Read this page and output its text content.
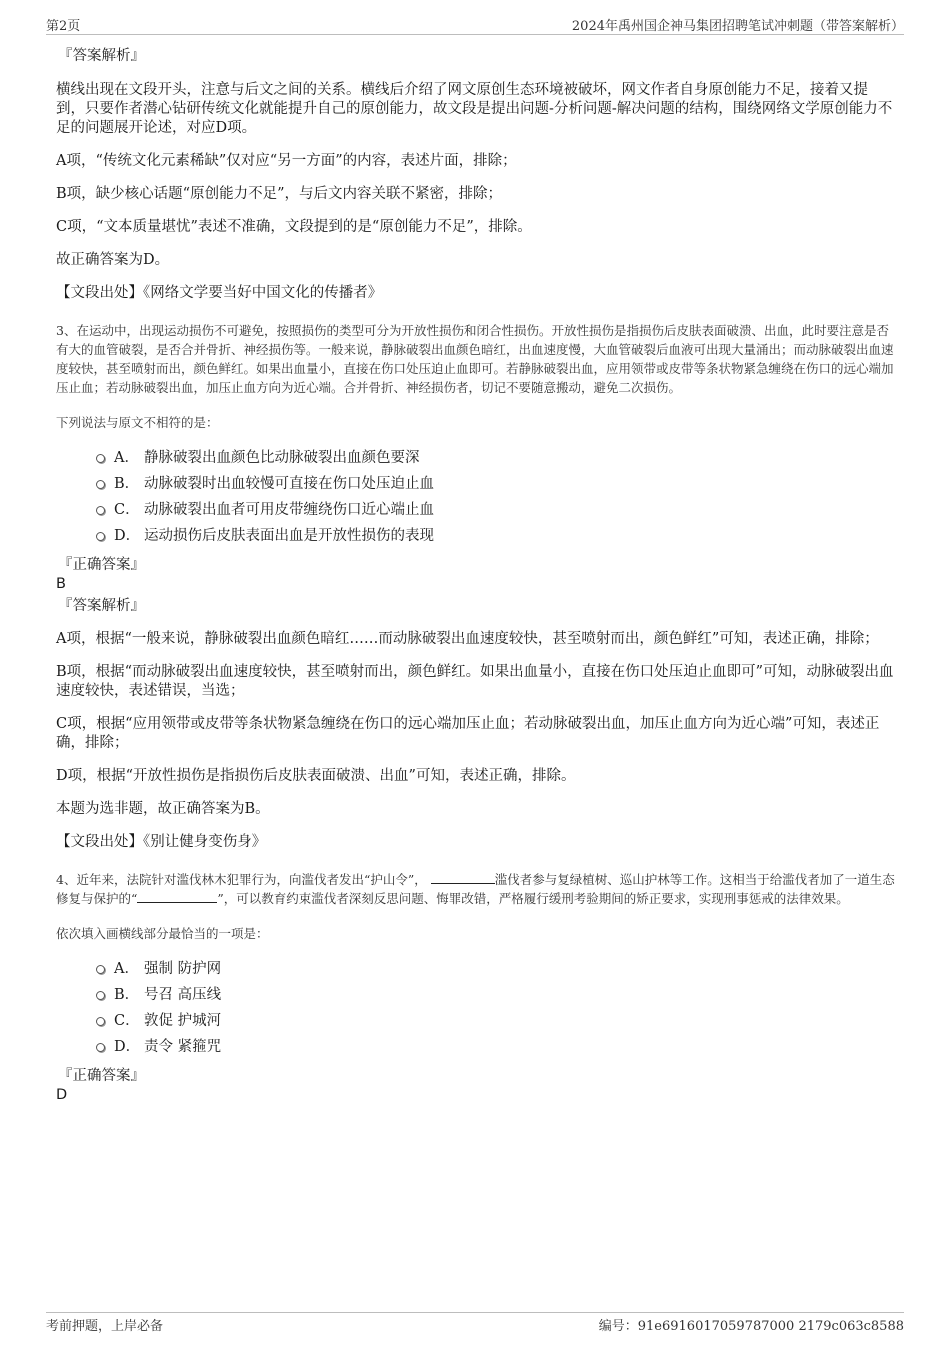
第2页	2024年禹州国企神马集团招聘笔试冲刺题（带答案解析）

『答案解析』

横线出现在文段开头，注意与后文之间的关系。横线后介绍了网文原创生态环境被破坏，网文作者自身原创能力不足，接着又提到，只要作者潜心钻研传统文化就能提升自己的原创能力，故文段是提出问题-分析问题-解决问题的结构，围绕网络文学原创能力不足的问题展开论述，对应D项。

A项，“传统文化元素稀缺”仅对应“另一方面”的内容，表述片面，排除；

B项，缺少核心话题“原创能力不足”，与后文内容关联不紧密，排除；

C项，“文本质量堪忧”表述不准确，文段提到的是“原创能力不足”，排除。

故正确答案为D。

【文段出处】《网络文学要当好中国文化的传播者》

3、在运动中，出现运动损伤不可避免，按照损伤的类型可分为开放性损伤和闭合性损伤。开放性损伤是指损伤后皮肤表面破溃、出血，此时要注意是否有大的血管破裂，是否合并骨折、神经损伤等。一般来说，静脉破裂出血颜色暗红，出血速度慢，大血管破裂后血液可出现大量涌出；而动脉破裂出血速度较快，甚至喷射而出，颜色鲜红。如果出血量小，直接在伤口处压迫止血即可。若静脉破裂出血，应用领带或皮带等条状物紧急缠绕在伤口的远心端加压止血；若动脉破裂出血，加压止血方向为近心端。合并骨折、神经损伤者，切记不要随意搬动，避免二次损伤。

下列说法与原文不相符的是：

A． 静脉破裂出血颜色比动脉破裂出血颜色要深
B． 动脉破裂时出血较慢可直接在伤口处压迫止血
C． 动脉破裂出血者可用皮带缠绕伤口近心端止血
D． 运动损伤后皮肤表面出血是开放性损伤的表现

『正确答案』

B

『答案解析』

A项，根据“一般来说，静脉破裂出血颜色暗红……而动脉破裂出血速度较快，甚至喷射而出，颜色鲜红”可知，表述正确，排除；

B项，根据“而动脉破裂出血速度较快，甚至喷射而出，颜色鲜红。如果出血量小，直接在伤口处压迫止血即可”可知，动脉破裂出血速度较快，表述错误，当选；

C项，根据“应用领带或皮带等条状物紧急缠绕在伤口的远心端加压止血；若动脉破裂出血，加压止血方向为近心端”可知，表述正确，排除；

D项，根据“开放性损伤是指损伤后皮肤表面破溃、出血”可知，表述正确，排除。

本题为选非题，故正确答案为B。

【文段出处】《别让健身变伤身》

4、近年来，法院针对滥伐林木犯罪行为，向滥伐者发出“护山令”，	滥伐者参与复绿植树、巡山护林等工作。这相当于给滥伐者加了一道生态修复与保护的“	”，可以教育约束滥伐者深刻反思问题、悔罪改错，严格履行缓刑考验期间的矫正要求，实现刑事惩戒的法律效果。

依次填入画横线部分最恰当的一项是：

A． 强制 防护网
B． 号召 高压线
C． 敦促 护城河
D． 责令 紧箍咒

『正确答案』

D

考前押题，上岸必备	编号：91e6916017059787000 2179c063c8588
